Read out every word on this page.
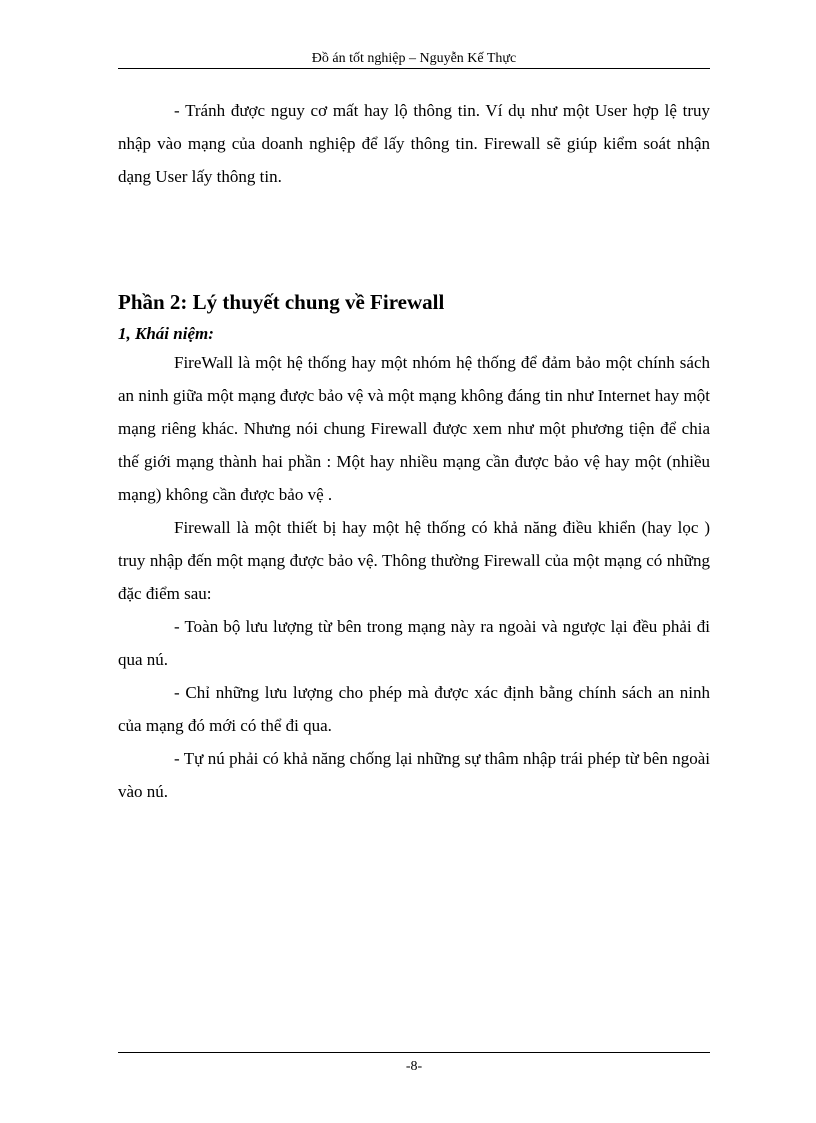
Đồ án tốt nghiệp – Nguyễn Kế Thực

- Tránh được nguy cơ mất hay lộ thông tin. Ví dụ như một User hợp lệ truy nhập vào mạng của doanh nghiệp để lấy thông tin. Firewall sẽ giúp kiểm soát nhận dạng User lấy thông tin.

Phần 2: Lý thuyết chung về Firewall
1, Khái niệm:

FireWall là một hệ thống hay một nhóm hệ thống để đảm bảo một chính sách an ninh giữa một mạng được bảo vệ và một mạng không đáng tin như Internet hay một mạng riêng khác. Nhưng nói chung Firewall được xem như một phương tiện để chia thế giới mạng thành hai phần : Một hay nhiều mạng cần được bảo vệ hay một (nhiều mạng) không cần được bảo vệ .

Firewall là một thiết bị hay một hệ thống có khả năng điều khiển (hay lọc ) truy nhập đến một mạng được bảo vệ. Thông thường Firewall của một mạng có những đặc điểm sau:

- Toàn bộ lưu lượng từ bên trong mạng này ra ngoài và ngược lại đều phải đi qua nú.

- Chỉ những lưu lượng cho phép mà được xác định bằng chính sách an ninh của mạng đó mới có thể đi qua.

- Tự nú phải có khả năng chống lại những sự thâm nhập trái phép từ bên ngoài vào nú.

-8-
